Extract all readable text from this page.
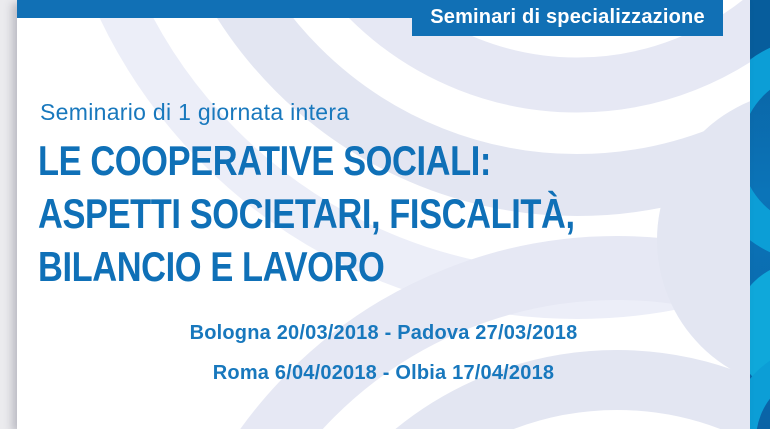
Seminari di specializzazione
Seminario di 1 giornata intera
LE COOPERATIVE SOCIALI:
ASPETTI SOCIETARI, FISCALITÀ,
BILANCIO E LAVORO
Bologna 20/03/2018 - Padova 27/03/2018
Roma 6/04/02018 - Olbia 17/04/2018
